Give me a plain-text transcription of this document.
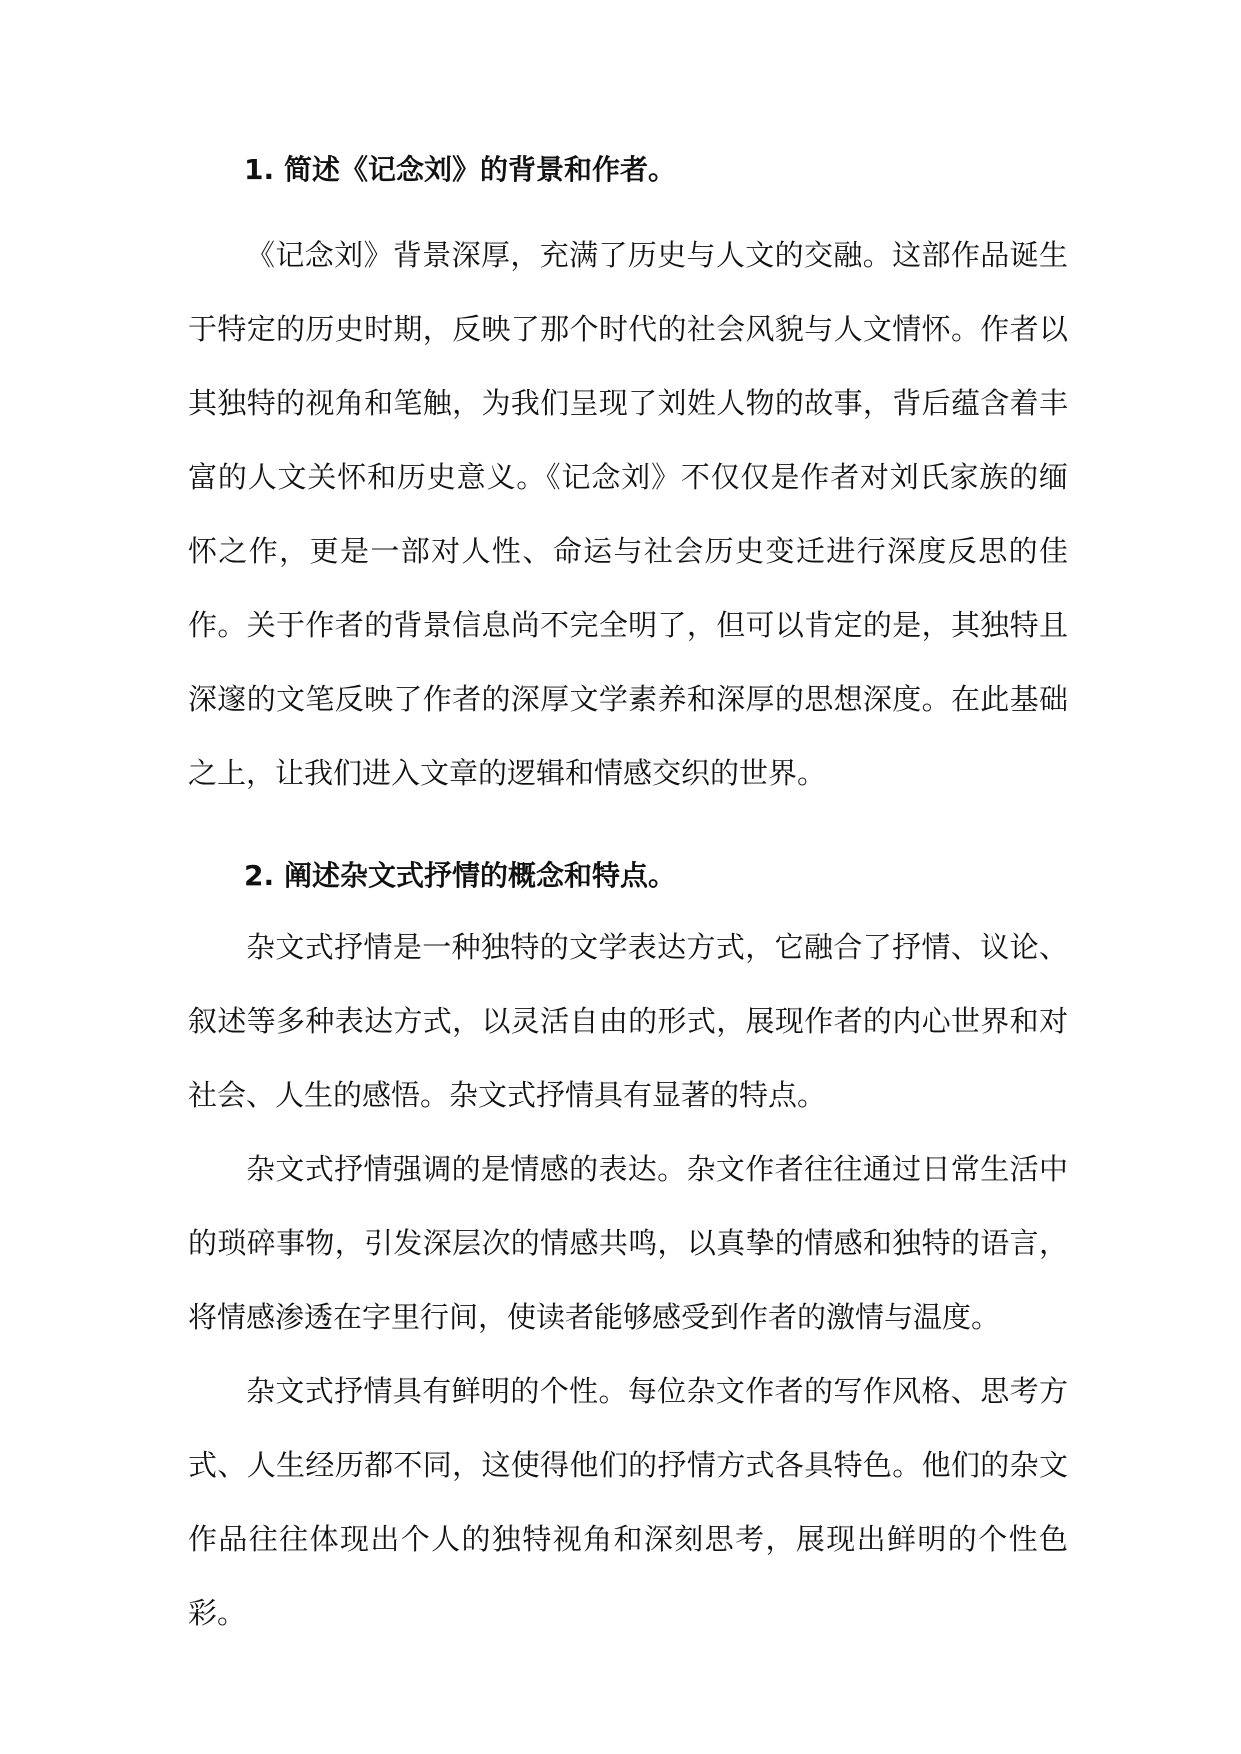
1. 简述《记念刘》的背景和作者。

《记念刘》背景深厚，充满了历史与人文的交融。这部作品诞生于特定的历史时期，反映了那个时代的社会风貌与人文情怀。作者以其独特的视角和笔触，为我们呈现了刘姓人物的故事，背后蕴含着丰富的人文关怀和历史意义。《记念刘》不仅仅是作者对刘氏家族的缅怀之作，更是一部对人性、命运与社会历史变迁进行深度反思的佳作。关于作者的背景信息尚不完全明了，但可以肯定的是，其独特且深邃的文笔反映了作者的深厚文学素养和深厚的思想深度。在此基础之上，让我们进入文章的逻辑和情感交织的世界。

2. 阐述杂文式抒情的概念和特点。

杂文式抒情是一种独特的文学表达方式，它融合了抒情、议论、叙述等多种表达方式，以灵活自由的形式，展现作者的内心世界和对社会、人生的感悟。杂文式抒情具有显著的特点。

杂文式抒情强调的是情感的表达。杂文作者往往通过日常生活中的琐碎事物，引发深层次的情感共鸣，以真挚的情感和独特的语言，将情感渗透在字里行间，使读者能够感受到作者的激情与温度。

杂文式抒情具有鲜明的个性。每位杂文作者的写作风格、思考方式、人生经历都不同，这使得他们的抒情方式各具特色。他们的杂文作品往往体现出个人的独特视角和深刻思考，展现出鲜明的个性色彩。
